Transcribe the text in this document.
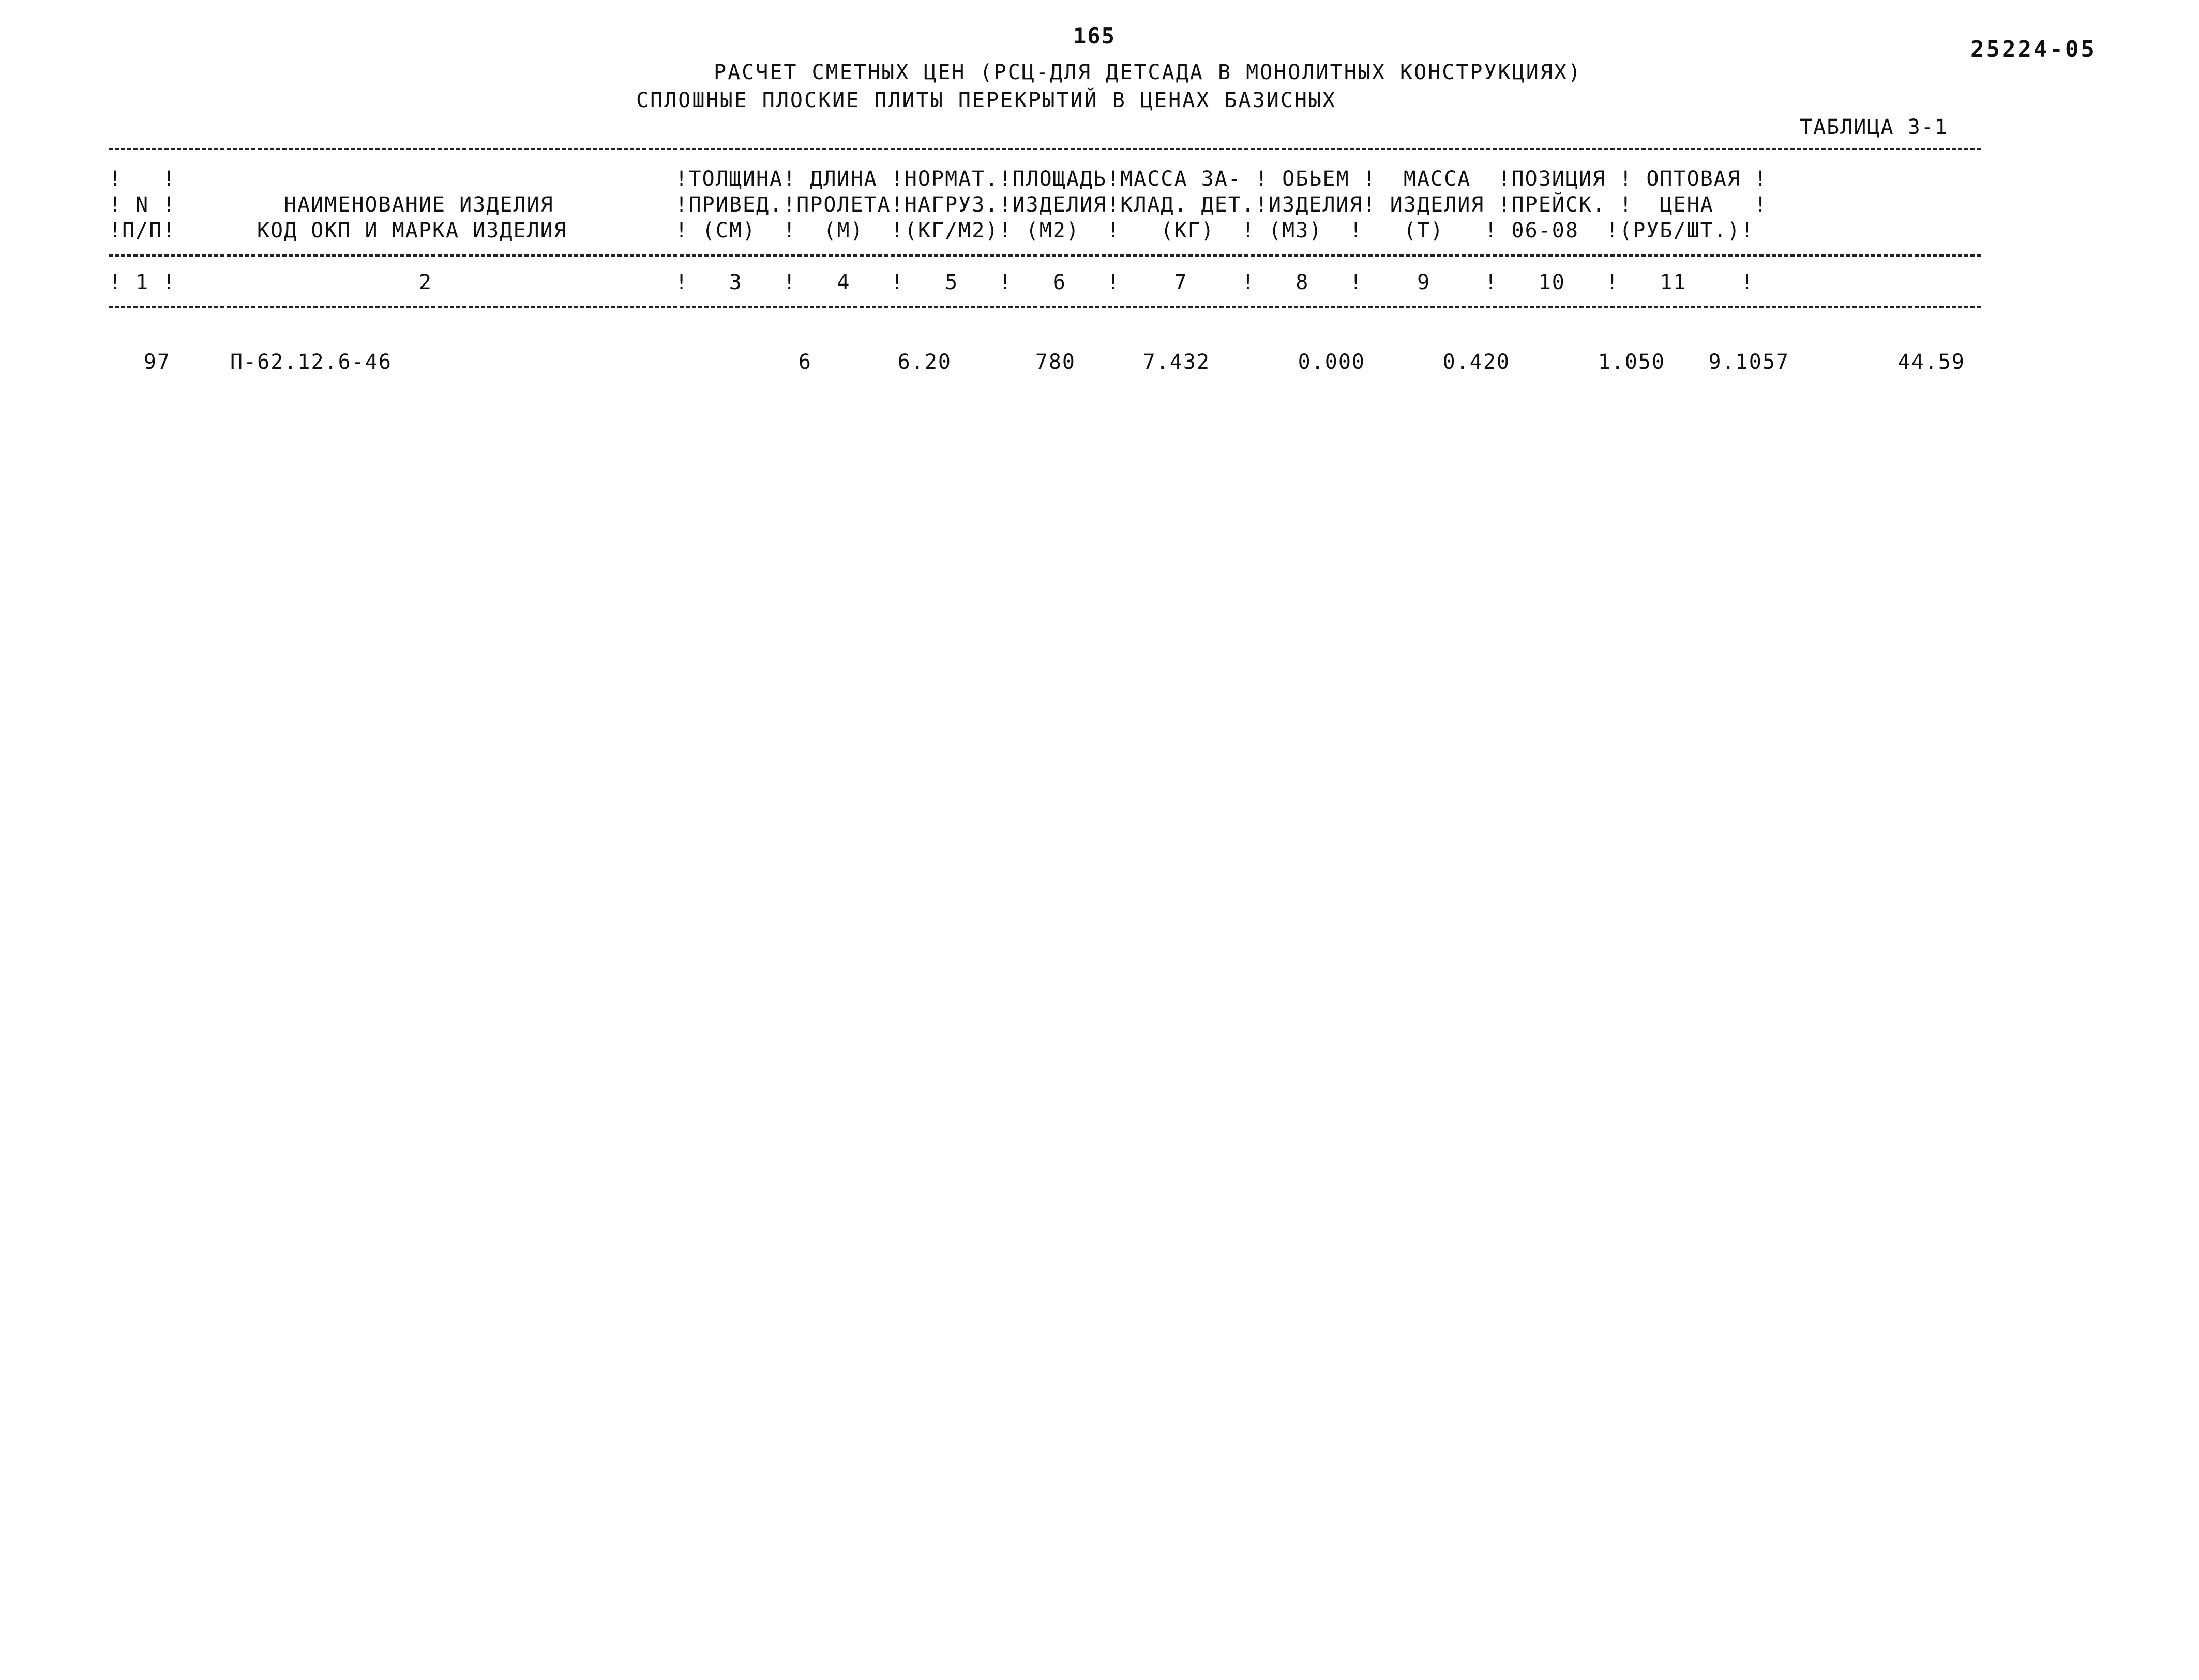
165
25224-05
РАСЧЕТ СМЕТНЫХ ЦЕН (РСЦ-ДЛЯ ДЕТСАДА В МОНОЛИТНЫХ КОНСТРУКЦИЯХ)
СПЛОШНЫЕ ПЛОСКИЕ ПЛИТЫ ПЕРЕКРЫТИЙ В ЦЕНАХ БАЗИСНЫХ
ТАБЛИЦА 3-1
!   !                                     !ТОЛЩИНА! ДЛИНА !НОРМАТ.!ПЛОЩАДЬ!МАССА ЗА- ! ОБЬЕМ !  МАССА  !ПОЗИЦИЯ ! ОПТОВАЯ !
! N !        НАИМЕНОВАНИЕ ИЗДЕЛИЯ         !ПРИВЕД.!ПРОЛЕТА!НАГРУЗ.!ИЗДЕЛИЯ!КЛАД. ДЕТ.!ИЗДЕЛИЯ! ИЗДЕЛИЯ !ПРЕЙСК. !  ЦЕНА   !
!П/П!      КОД ОКП И МАРКА ИЗДЕЛИЯ        ! (СМ)  !  (М)  !(КГ/М2)! (М2)  !   (КГ)  ! (М3)  !   (Т)   ! 06-08  !(РУБ/ШТ.)!
! 1 !                  2                  !   3   !   4   !   5   !   6   !    7    !   8   !    9    !   10   !   11    !
97	П-62.12.6-46	6	6.20	780	7.432	0.000	0.420	1.050	9.1057	44.59
